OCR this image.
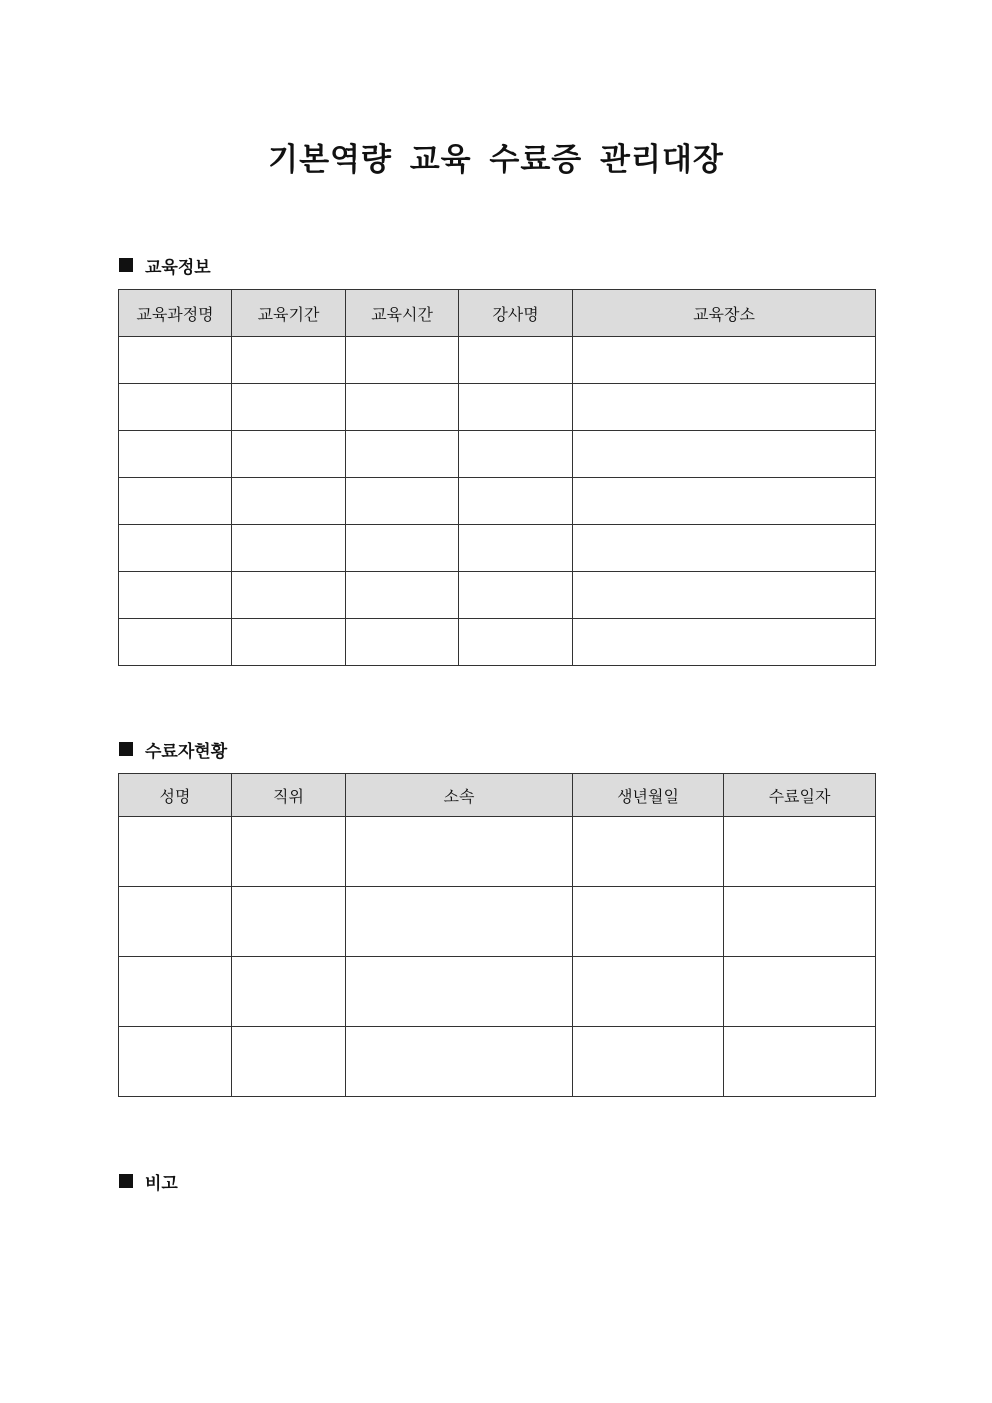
기본역량 교육 수료증 관리대장
교육정보
교육과정명	교육기간	교육시간	강사명	교육장소

수료자현황
성명	직위	소속	생년월일	수료일자

비고
